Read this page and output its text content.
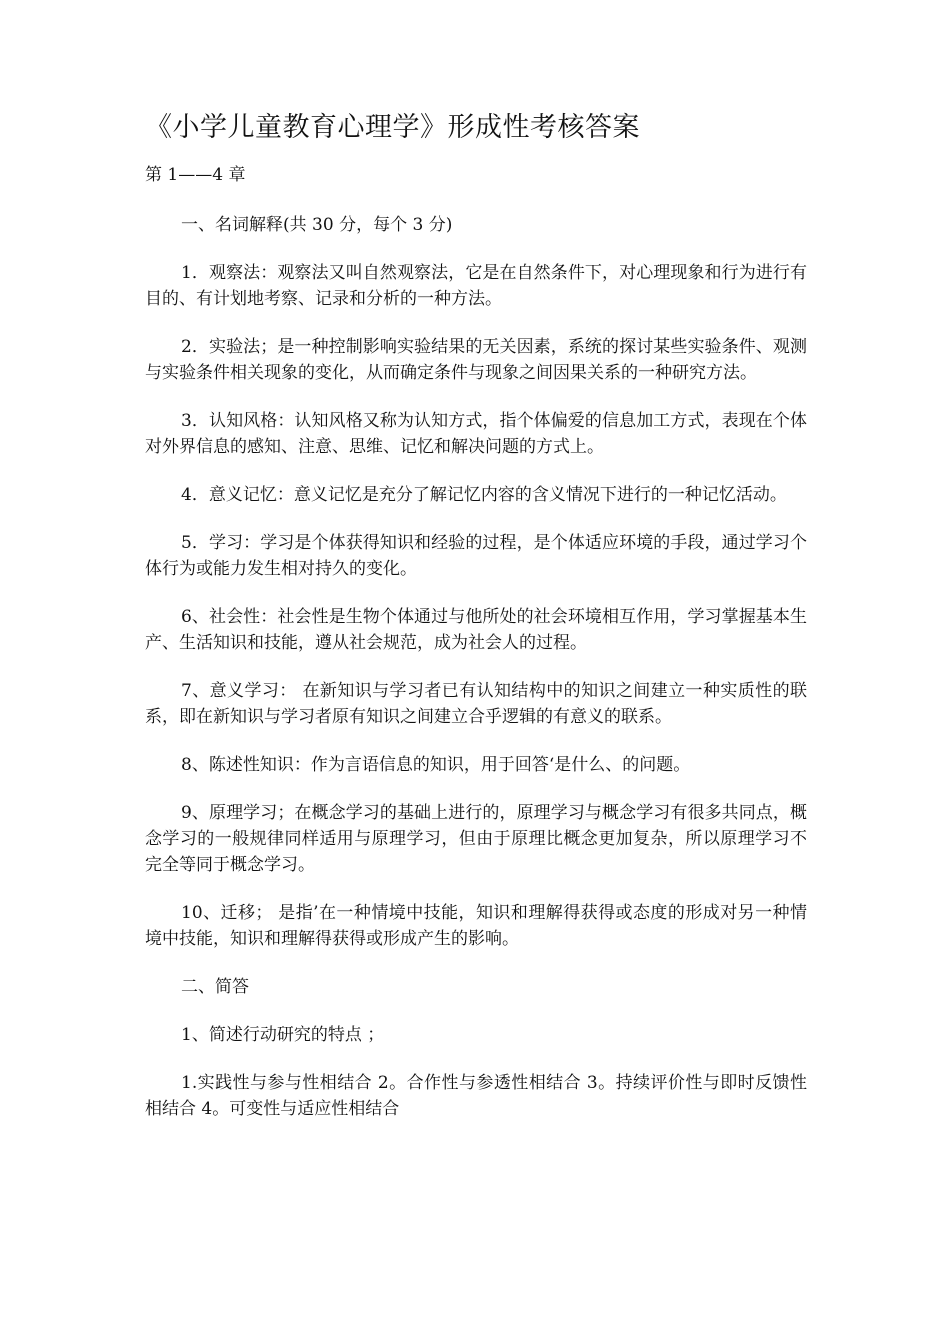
《小学儿童教育心理学》形成性考核答案

第 1——4 章

一、名词解释(共 30 分，每个 3 分)

1．观察法：观察法又叫自然观察法，它是在自然条件下，对心理现象和行为进行有目的、有计划地考察、记录和分析的一种方法。

2．实验法；是一种控制影响实验结果的无关因素，系统的探讨某些实验条件、观测与实验条件相关现象的变化，从而确定条件与现象之间因果关系的一种研究方法。

3．认知风格：认知风格又称为认知方式，指个体偏爱的信息加工方式，表现在个体对外界信息的感知、注意、思维、记忆和解决问题的方式上。

4．意义记忆：意义记忆是充分了解记忆内容的含义情况下进行的一种记忆活动。

5．学习：学习是个体获得知识和经验的过程，是个体适应环境的手段，通过学习个体行为或能力发生相对持久的变化。

6、社会性：社会性是生物个体通过与他所处的社会环境相互作用，学习掌握基本生产、生活知识和技能，遵从社会规范，成为社会人的过程。

7、意义学习： 在新知识与学习者已有认知结构中的知识之间建立一种实质性的联系，即在新知识与学习者原有知识之间建立合乎逻辑的有意义的联系。

8、陈述性知识：作为言语信息的知识，用于回答‘是什么、的问题。

9、原理学习；在概念学习的基础上进行的，原理学习与概念学习有很多共同点，概念学习的一般规律同样适用与原理学习，但由于原理比概念更加复杂，所以原理学习不完全等同于概念学习。

10、迁移； 是指’在一种情境中技能，知识和理解得获得或态度的形成对另一种情境中技能，知识和理解得获得或形成产生的影响。

二、简答

1、简述行动研究的特点 ；

1.实践性与参与性相结合 2。合作性与参透性相结合 3。持续评价性与即时反馈性相结合 4。可变性与适应性相结合
